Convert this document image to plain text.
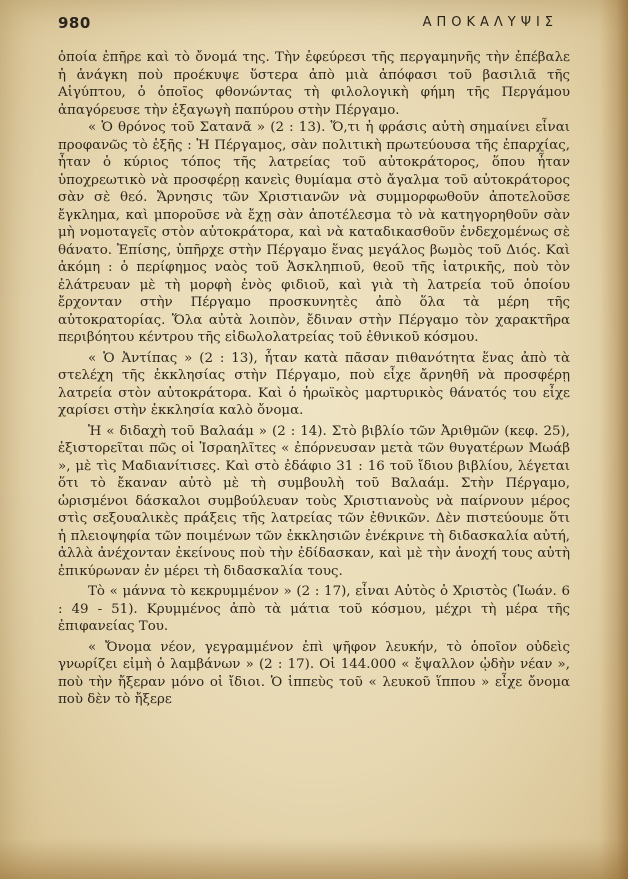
980	ΑΠΟΚΑΛΥΨΙΣ

ὁποία ἐπῆρε καὶ τὸ ὄνομά της. Τὴν ἐφεύρεσι τῆς περγαμηνῆς τὴν ἐπέβαλε ἡ ἀνάγκη ποὺ προέκυψε ὕστερα ἀπὸ μιὰ ἀπόφασι τοῦ βασιλιᾶ τῆς Αἰγύπτου, ὁ ὁποῖος φθονώντας τὴ φιλολογικὴ φήμη τῆς Περγάμου ἀπαγόρευσε τὴν ἐξαγωγὴ παπύρου στὴν Πέργαμο.

« Ὁ θρόνος τοῦ Σατανᾶ » (2 : 13). Ὅ,τι ἡ φράσις αὐτὴ σημαίνει εἶναι προφανῶς τὸ ἑξῆς : Ἡ Πέργαμος, σὰν πολιτικὴ πρωτεύουσα τῆς ἐπαρχίας, ἦταν ὁ κύριος τόπος τῆς λατρείας τοῦ αὐτοκράτορος, ὅπου ἦταν ὑποχρεωτικὸ νὰ προσφέρῃ κανεὶς θυμίαμα στὸ ἄγαλμα τοῦ αὐτοκράτορος σὰν σὲ θεό. Ἄρνησις τῶν Χριστιανῶν νὰ συμμορφωθοῦν ἀποτελοῦσε ἔγκλημα, καὶ μποροῦσε νὰ ἔχῃ σὰν ἀποτέλεσμα τὸ νὰ κατηγορηθοῦν σὰν μὴ νομοταγεῖς στὸν αὐτοκράτορα, καὶ νὰ καταδικασθοῦν ἐνδεχομένως σὲ θάνατο. Ἐπίσης, ὑπῆρχε στὴν Πέργαμο ἕνας μεγάλος βωμὸς τοῦ Διός. Καὶ ἀκόμη : ὁ περίφημος ναὸς τοῦ Ἀσκληπιοῦ, θεοῦ τῆς ἰατρικῆς, ποὺ τὸν ἐλάτρευαν μὲ τὴ μορφὴ ἑνὸς φιδιοῦ, καὶ γιὰ τὴ λατρεία τοῦ ὁποίου ἔρχονταν στὴν Πέργαμο προσκυνητὲς ἀπὸ ὅλα τὰ μέρη τῆς αὐτοκρατορίας. Ὅλα αὐτὰ λοιπὸν, ἔδιναν στὴν Πέργαμο τὸν χαρακτῆρα περιβόητου κέντρου τῆς εἰδωλολατρείας τοῦ ἐθνικοῦ κόσμου.

« Ὁ Ἀντίπας » (2 : 13), ἦταν κατὰ πᾶσαν πιθανότητα ἕνας ἀπὸ τὰ στελέχη τῆς ἐκκλησίας στὴν Πέργαμο, ποὺ εἶχε ἄρνηθῆ νὰ προσφέρῃ λατρεία στὸν αὐτοκράτορα. Καὶ ὁ ἡρωϊκὸς μαρτυρικὸς θάνατός του εἶχε χαρίσει στὴν ἐκκλησία καλὸ ὄνομα.

Ἡ « διδαχὴ τοῦ Βαλαάμ » (2 : 14). Στὸ βιβλίο τῶν Ἀριθμῶν (κεφ. 25), ἐξιστορεῖται πῶς οἱ Ἰσραηλῖτες « ἐπόρνευσαν μετὰ τῶν θυγατέρων Μωάβ », μὲ τὶς Μαδιανίτισες. Καὶ στὸ ἐδάφιο 31 : 16 τοῦ ἴδιου βιβλίου, λέγεται ὅτι τὸ ἔκαναν αὐτὸ μὲ τὴ συμβουλὴ τοῦ Βαλαάμ. Στὴν Πέργαμο, ὡρισμένοι δάσκαλοι συμβούλευαν τοὺς Χριστιανοὺς νὰ παίρνουν μέρος στὶς σεξουαλικὲς πράξεις τῆς λατρείας τῶν ἐθνικῶν. Δὲν πιστεύουμε ὅτι ἡ πλειοψηφία τῶν ποιμένων τῶν ἐκκλησιῶν ἐνέκρινε τὴ διδασκαλία αὐτή, ἀλλὰ ἀνέχονταν ἐκείνους ποὺ τὴν ἐδίδασκαν, καὶ μὲ τὴν ἀνοχή τους αὐτὴ ἐπικύρωναν ἐν μέρει τὴ διδασκαλία τους.

Τὸ « μάννα τὸ κεκρυμμένον » (2 : 17), εἶναι Αὐτὸς ὁ Χριστὸς (Ἰωάν. 6 : 49 - 51). Κρυμμένος ἀπὸ τὰ μάτια τοῦ κόσμου, μέχρι τὴ μέρα τῆς ἐπιφανείας Του.

« Ὄνομα νέον, γεγραμμένον ἐπὶ ψῆφον λευκήν, τὸ ὁποῖον οὐδεὶς γνωρίζει εἰμὴ ὁ λαμβάνων » (2 : 17). Οἱ 144.000 « ἔψαλλον ᾠδὴν νέαν », ποὺ τὴν ἤξεραν μόνο οἱ ἴδιοι. Ὁ ἱππεὺς τοῦ « λευκοῦ ἵππου » εἶχε ὄνομα ποὺ δὲν τὸ ἤξερε
